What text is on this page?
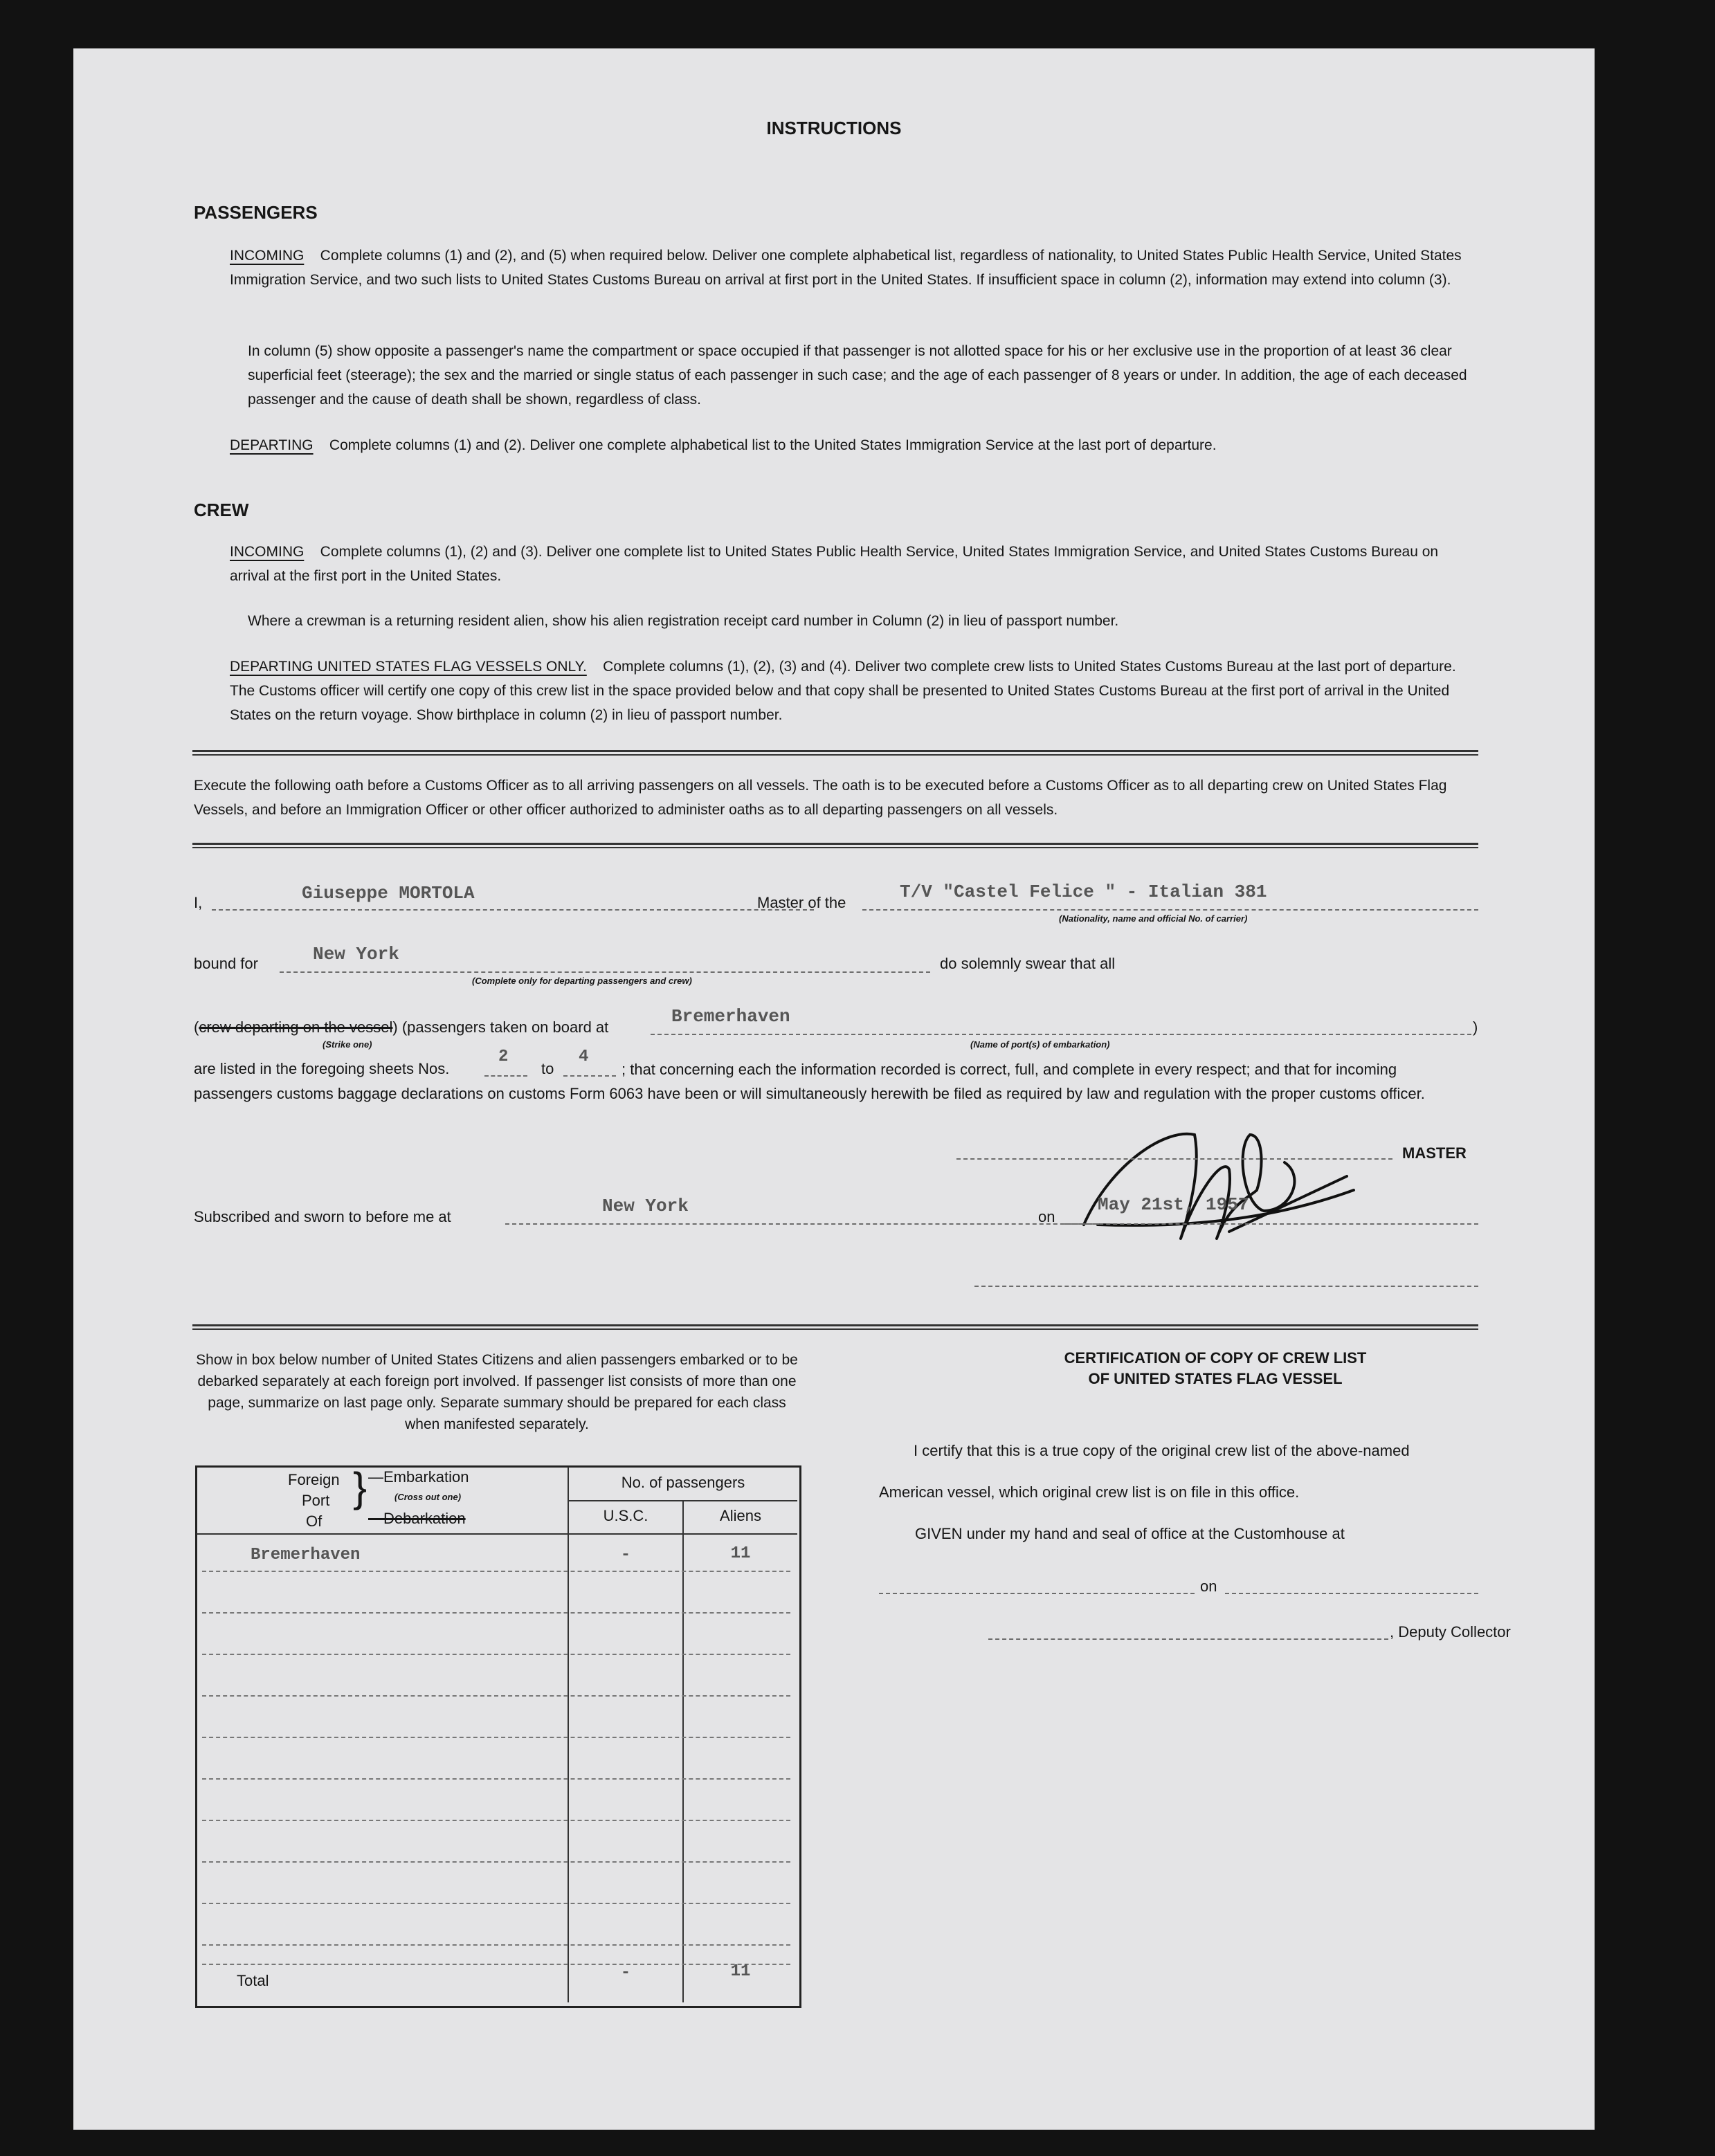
INSTRUCTIONS
PASSENGERS
INCOMING Complete columns (1) and (2), and (5) when required below. Deliver one complete alphabetical list, regardless of nationality, to United States Public Health Service, United States Immigration Service, and two such lists to United States Customs Bureau on arrival at first port in the United States. If insufficient space in column (2), information may extend into column (3).
In column (5) show opposite a passenger's name the compartment or space occupied if that passenger is not allotted space for his or her exclusive use in the proportion of at least 36 clear superficial feet (steerage); the sex and the married or single status of each passenger in such case; and the age of each passenger of 8 years or under. In addition, the age of each deceased passenger and the cause of death shall be shown, regardless of class.
DEPARTING Complete columns (1) and (2). Deliver one complete alphabetical list to the United States Immigration Service at the last port of departure.
CREW
INCOMING Complete columns (1), (2) and (3). Deliver one complete list to United States Public Health Service, United States Immigration Service, and United States Customs Bureau on arrival at the first port in the United States.
Where a crewman is a returning resident alien, show his alien registration receipt card number in Column (2) in lieu of passport number.
DEPARTING UNITED STATES FLAG VESSELS ONLY. Complete columns (1), (2), (3) and (4). Deliver two complete crew lists to United States Customs Bureau at the last port of departure. The Customs officer will certify one copy of this crew list in the space provided below and that copy shall be presented to United States Customs Bureau at the first port of arrival in the United States on the return voyage. Show birthplace in column (2) in lieu of passport number.
Execute the following oath before a Customs Officer as to all arriving passengers on all vessels. The oath is to be executed before a Customs Officer as to all departing crew on United States Flag Vessels, and before an Immigration Officer or other officer authorized to administer oaths as to all departing passengers on all vessels.
I,	Giuseppe MORTOLA	Master of the
T/V "Castel Felice " - Italian 381
(Nationality, name and official No. of carrier)
bound for	New York
(Complete only for departing passengers and crew)
do solemnly swear that all
(crew departing on the vessel) (passengers taken on board at
Bremerhaven
)
(Strike one)	(Name of port(s) of embarkation)
are listed in the foregoing sheets Nos.
2
to
4
; that concerning each the information recorded is correct, full, and complete in every respect; and that for incoming passengers customs baggage declarations on customs Form 6063 have been or will simultaneously herewith be filed as required by law and regulation with the proper customs officer.
MASTER
Subscribed and sworn to before me at
New York
on
May 21st, 1957
Show in box below number of United States Citizens and alien passengers embarked or to be debarked separately at each foreign port involved. If passenger list consists of more than one page, summarize on last page only. Separate summary should be prepared for each class when manifested separately.
Foreign
Port
Of
} —Embarkation
(Cross out one)
—Debarkation
No. of passengers
U.S.C.	Aliens
Bremerhaven	-	11
Total	-	11
CERTIFICATION OF COPY OF CREW LIST
OF UNITED STATES FLAG VESSEL
I certify that this is a true copy of the original crew list of the above-named
American vessel, which original crew list is on file in this office.
GIVEN under my hand and seal of office at the Customhouse at
on
, Deputy Collector
